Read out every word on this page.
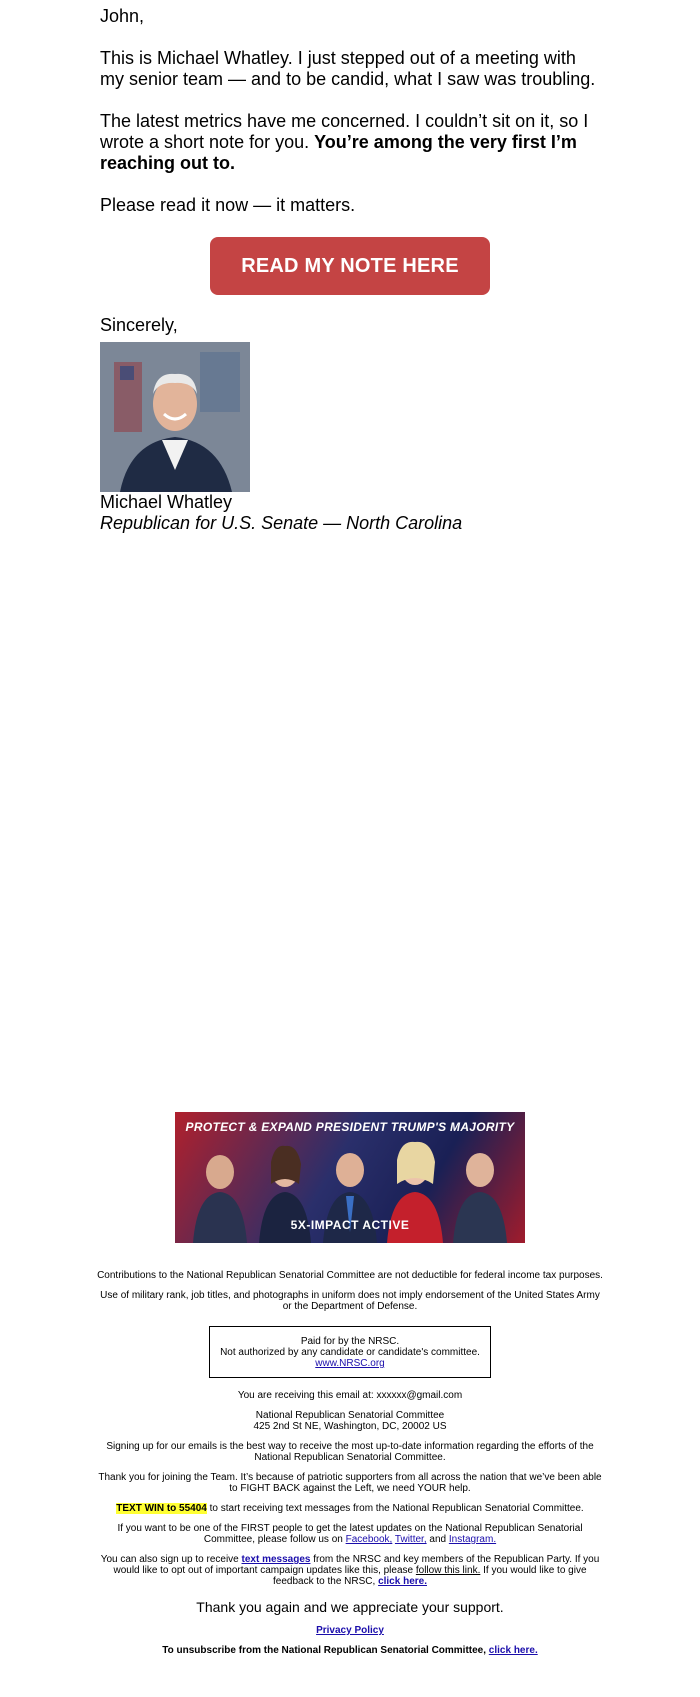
John,

This is Michael Whatley. I just stepped out of a meeting with my senior team — and to be candid, what I saw was troubling.

The latest metrics have me concerned. I couldn’t sit on it, so I wrote a short note for you. You’re among the very first I’m reaching out to.

Please read it now — it matters.

READ MY NOTE HERE

Sincerely,

Michael Whatley
Republican for U.S. Senate — North Carolina
PROTECT & EXPAND PRESIDENT TRUMP'S MAJORITY
5X-IMPACT ACTIVE

Contributions to the National Republican Senatorial Committee are not deductible for federal income tax purposes.

Use of military rank, job titles, and photographs in uniform does not imply endorsement of the United States Army or the Department of Defense.

Paid for by the NRSC.
Not authorized by any candidate or candidate's committee.
www.NRSC.org

You are receiving this email at: xxxxxx@gmail.com

National Republican Senatorial Committee
425 2nd St NE, Washington, DC, 20002 US

Signing up for our emails is the best way to receive the most up-to-date information regarding the efforts of the National Republican Senatorial Committee.

Thank you for joining the Team. It’s because of patriotic supporters from all across the nation that we’ve been able to FIGHT BACK against the Left, we need YOUR help.

TEXT WIN to 55404 to start receiving text messages from the National Republican Senatorial Committee.

If you want to be one of the FIRST people to get the latest updates on the National Republican Senatorial Committee, please follow us on Facebook, Twitter, and Instagram.

You can also sign up to receive text messages from the NRSC and key members of the Republican Party. If you would like to opt out of important campaign updates like this, please follow this link. If you would like to give feedback to the NRSC, click here.

Thank you again and we appreciate your support.

Privacy Policy

To unsubscribe from the National Republican Senatorial Committee, click here.
